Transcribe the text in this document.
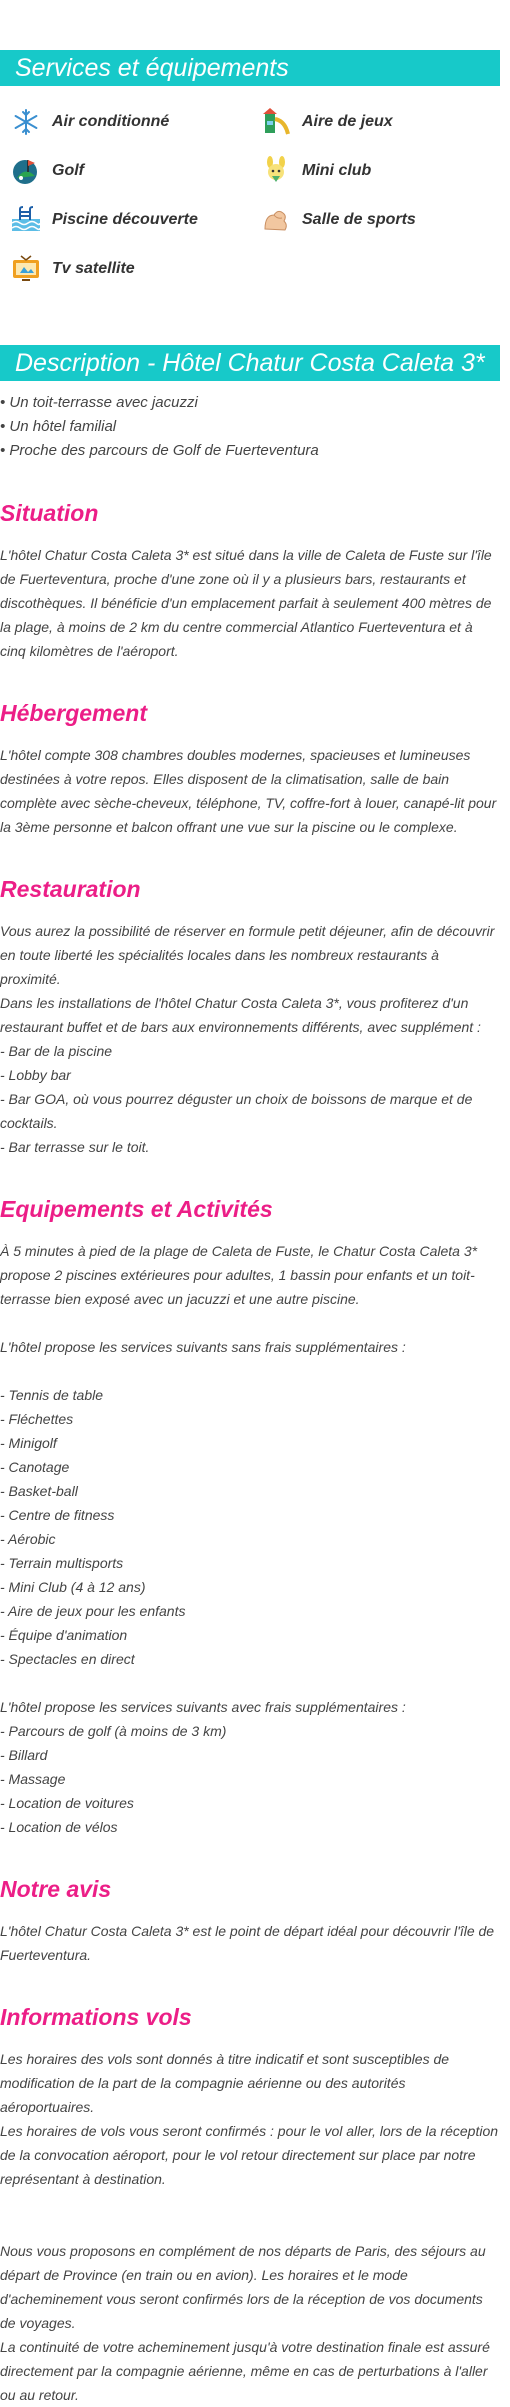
Services et équipements
Air conditionné	Aire de jeux
Golf	Mini club
Piscine découverte	Salle de sports
Tv satellite
Description - Hôtel Chatur Costa Caleta 3*
• Un toit-terrasse avec jacuzzi
• Un hôtel familial
• Proche des parcours de Golf de Fuerteventura
Situation

L'hôtel Chatur Costa Caleta 3* est situé dans la ville de Caleta de Fuste sur l'île de Fuerteventura, proche d'une zone où il y a plusieurs bars, restaurants et discothèques. Il bénéficie d'un emplacement parfait à seulement 400 mètres de la plage, à moins de 2 km du centre commercial Atlantico Fuerteventura et à cinq kilomètres de l'aéroport.

Hébergement

L'hôtel compte 308 chambres doubles modernes, spacieuses et lumineuses destinées à votre repos. Elles disposent de la climatisation, salle de bain complète avec sèche-cheveux, téléphone, TV, coffre-fort à louer, canapé-lit pour la 3ème personne et balcon offrant une vue sur la piscine ou le complexe.

Restauration
Vous aurez la possibilité de réserver en formule petit déjeuner, afin de découvrir en toute liberté les spécialités locales dans les nombreux restaurants à proximité.
Dans les installations de l'hôtel Chatur Costa Caleta 3*, vous profiterez d'un restaurant buffet et de bars aux environnements différents, avec supplément :
- Bar de la piscine
- Lobby bar
- Bar GOA, où vous pourrez déguster un choix de boissons de marque et de cocktails.
- Bar terrasse sur le toit.
Equipements et Activités
À 5 minutes à pied de la plage de Caleta de Fuste, le Chatur Costa Caleta 3* propose 2 piscines extérieures pour adultes, 1 bassin pour enfants et un toit-terrasse bien exposé avec un jacuzzi et une autre piscine.
L'hôtel propose les services suivants sans frais supplémentaires :
- Tennis de table
- Fléchettes
- Minigolf
- Canotage
- Basket-ball
- Centre de fitness
- Aérobic
- Terrain multisports
- Mini Club (4 à 12 ans)
- Aire de jeux pour les enfants
- Équipe d'animation
- Spectacles en direct
L'hôtel propose les services suivants avec frais supplémentaires :
- Parcours de golf (à moins de 3 km)
- Billard
- Massage
- Location de voitures
- Location de vélos
Notre avis

L'hôtel Chatur Costa Caleta 3* est le point de départ idéal pour découvrir l'île de Fuerteventura.

Informations vols
Les horaires des vols sont donnés à titre indicatif et sont susceptibles de modification de la part de la compagnie aérienne ou des autorités aéroportuaires.
Les horaires de vols vous seront confirmés : pour le vol aller, lors de la réception de la convocation aéroport, pour le vol retour directement sur place par notre représentant à destination.
Nous vous proposons en complément de nos départs de Paris, des séjours au départ de Province (en train ou en avion). Les horaires et le mode d'acheminement vous seront confirmés lors de la réception de vos documents de voyages.
La continuité de votre acheminement jusqu'à votre destination finale est assuré directement par la compagnie aérienne, même en cas de perturbations à l'aller ou au retour.
